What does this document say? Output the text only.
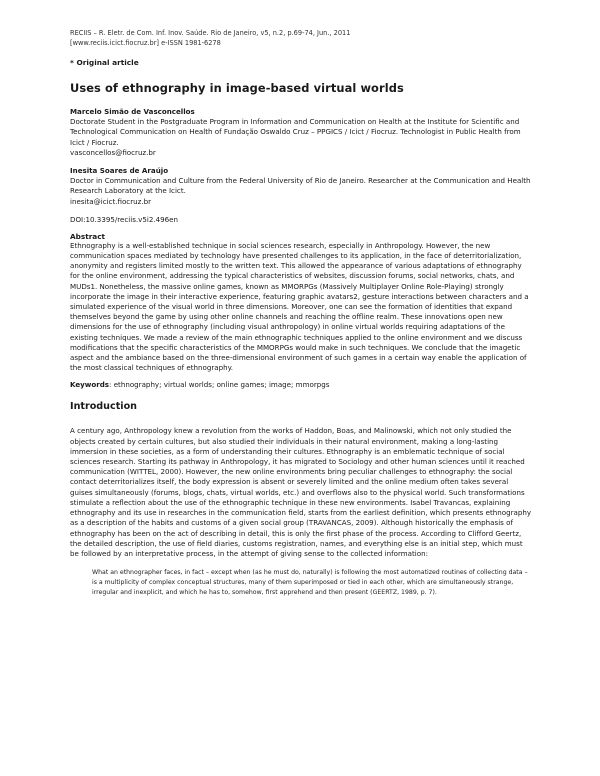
RECIIS – R. Eletr. de Com. Inf. Inov. Saúde. Rio de Janeiro, v5, n.2, p.69-74, Jun., 2011
[www.reciis.icict.fiocruz.br] e-ISSN 1981-6278
* Original article
Uses of ethnography in image-based virtual worlds
Marcelo Simão de Vasconcellos
Doctorate Student in the Postgraduate Program in Information and Communication on Health at the Institute for Scientific and Technological Communication on Health of Fundação Oswaldo Cruz – PPGICS / Icict / Fiocruz. Technologist in Public Health from Icict / Fiocruz.
vasconcellos@fiocruz.br
Inesita Soares de Araújo
Doctor in Communication and Culture from the Federal University of Rio de Janeiro. Researcher at the Communication and Health Research Laboratory at the Icict.
inesita@icict.fiocruz.br
DOI:10.3395/reciis.v5i2.496en
Abstract

Ethnography is a well-established technique in social sciences research, especially in Anthropology. However, the new communication spaces mediated by technology have presented challenges to its application, in the face of deterritorialization, anonymity and registers limited mostly to the written text. This allowed the appearance of various adaptations of ethnography for the online environment, addressing the typical characteristics of websites, discussion forums, social networks, chats, and MUDs1. Nonetheless, the massive online games, known as MMORPGs (Massively Multiplayer Online Role-Playing) strongly incorporate the image in their interactive experience, featuring graphic avatars2, gesture interactions between characters and a simulated experience of the visual world in three dimensions. Moreover, one can see the formation of identities that expand themselves beyond the game by using other online channels and reaching the offline realm. These innovations open new dimensions for the use of ethnography (including visual anthropology) in online virtual worlds requiring adaptations of the existing techniques. We made a review of the main ethnographic techniques applied to the online environment and we discuss modifications that the specific characteristics of the MMORPGs would make in such techniques. We conclude that the imagetic aspect and the ambiance based on the three-dimensional environment of such games in a certain way enable the application of the most classical techniques of ethnography.

Keywords: ethnography; virtual worlds; online games; image; mmorpgs
Introduction

A century ago, Anthropology knew a revolution from the works of Haddon, Boas, and Malinowski, which not only studied the objects created by certain cultures, but also studied their individuals in their natural environment, making a long-lasting immersion in these societies, as a form of understanding their cultures. Ethnography is an emblematic technique of social sciences research. Starting its pathway in Anthropology, it has migrated to Sociology and other human sciences until it reached communication (WITTEL, 2000). However, the new online environments bring peculiar challenges to ethnography: the social contact deterritorializes itself, the body expression is absent or severely limited and the online medium often takes several guises simultaneously (forums, blogs, chats, virtual worlds, etc.) and overflows also to the physical world. Such transformations stimulate a reflection about the use of the ethnographic technique in these new environments. Isabel Travancas, explaining ethnography and its use in researches in the communication field, starts from the earliest definition, which presents ethnography as a description of the habits and customs of a given social group (TRAVANCAS, 2009). Although historically the emphasis of ethnography has been on the act of describing in detail, this is only the first phase of the process. According to Clifford Geertz, the detailed description, the use of field diaries, customs registration, names, and everything else is an initial step, which must be followed by an interpretative process, in the attempt of giving sense to the collected information:

What an ethnographer faces, in fact – except when (as he must do, naturally) is following the most automatized routines of collecting data – is a multiplicity of complex conceptual structures, many of them superimposed or tied in each other, which are simultaneously strange, irregular and inexplicit, and which he has to, somehow, first apprehend and then present (GEERTZ, 1989, p. 7).
